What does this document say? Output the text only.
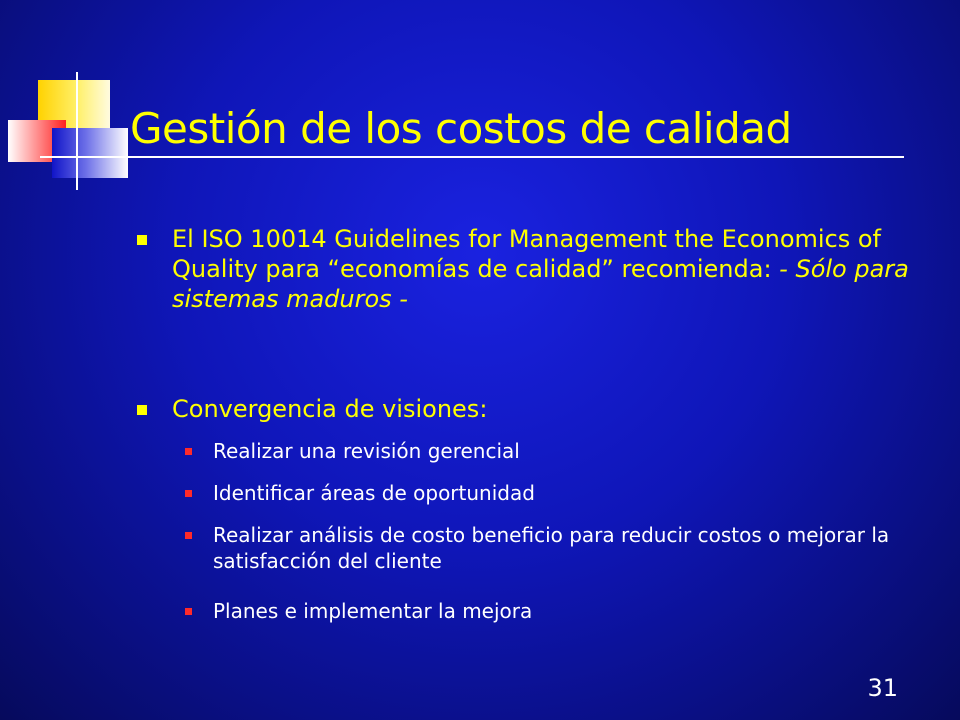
Gestión de los costos de calidad
El ISO 10014 Guidelines for Management the Economics of Quality para “economías de calidad” recomienda: - Sólo para sistemas maduros -
Convergencia de visiones:
Realizar una revisión gerencial
Identificar áreas de oportunidad
Realizar análisis de costo beneficio para reducir costos o mejorar la satisfacción del cliente
Planes e implementar la mejora
31
